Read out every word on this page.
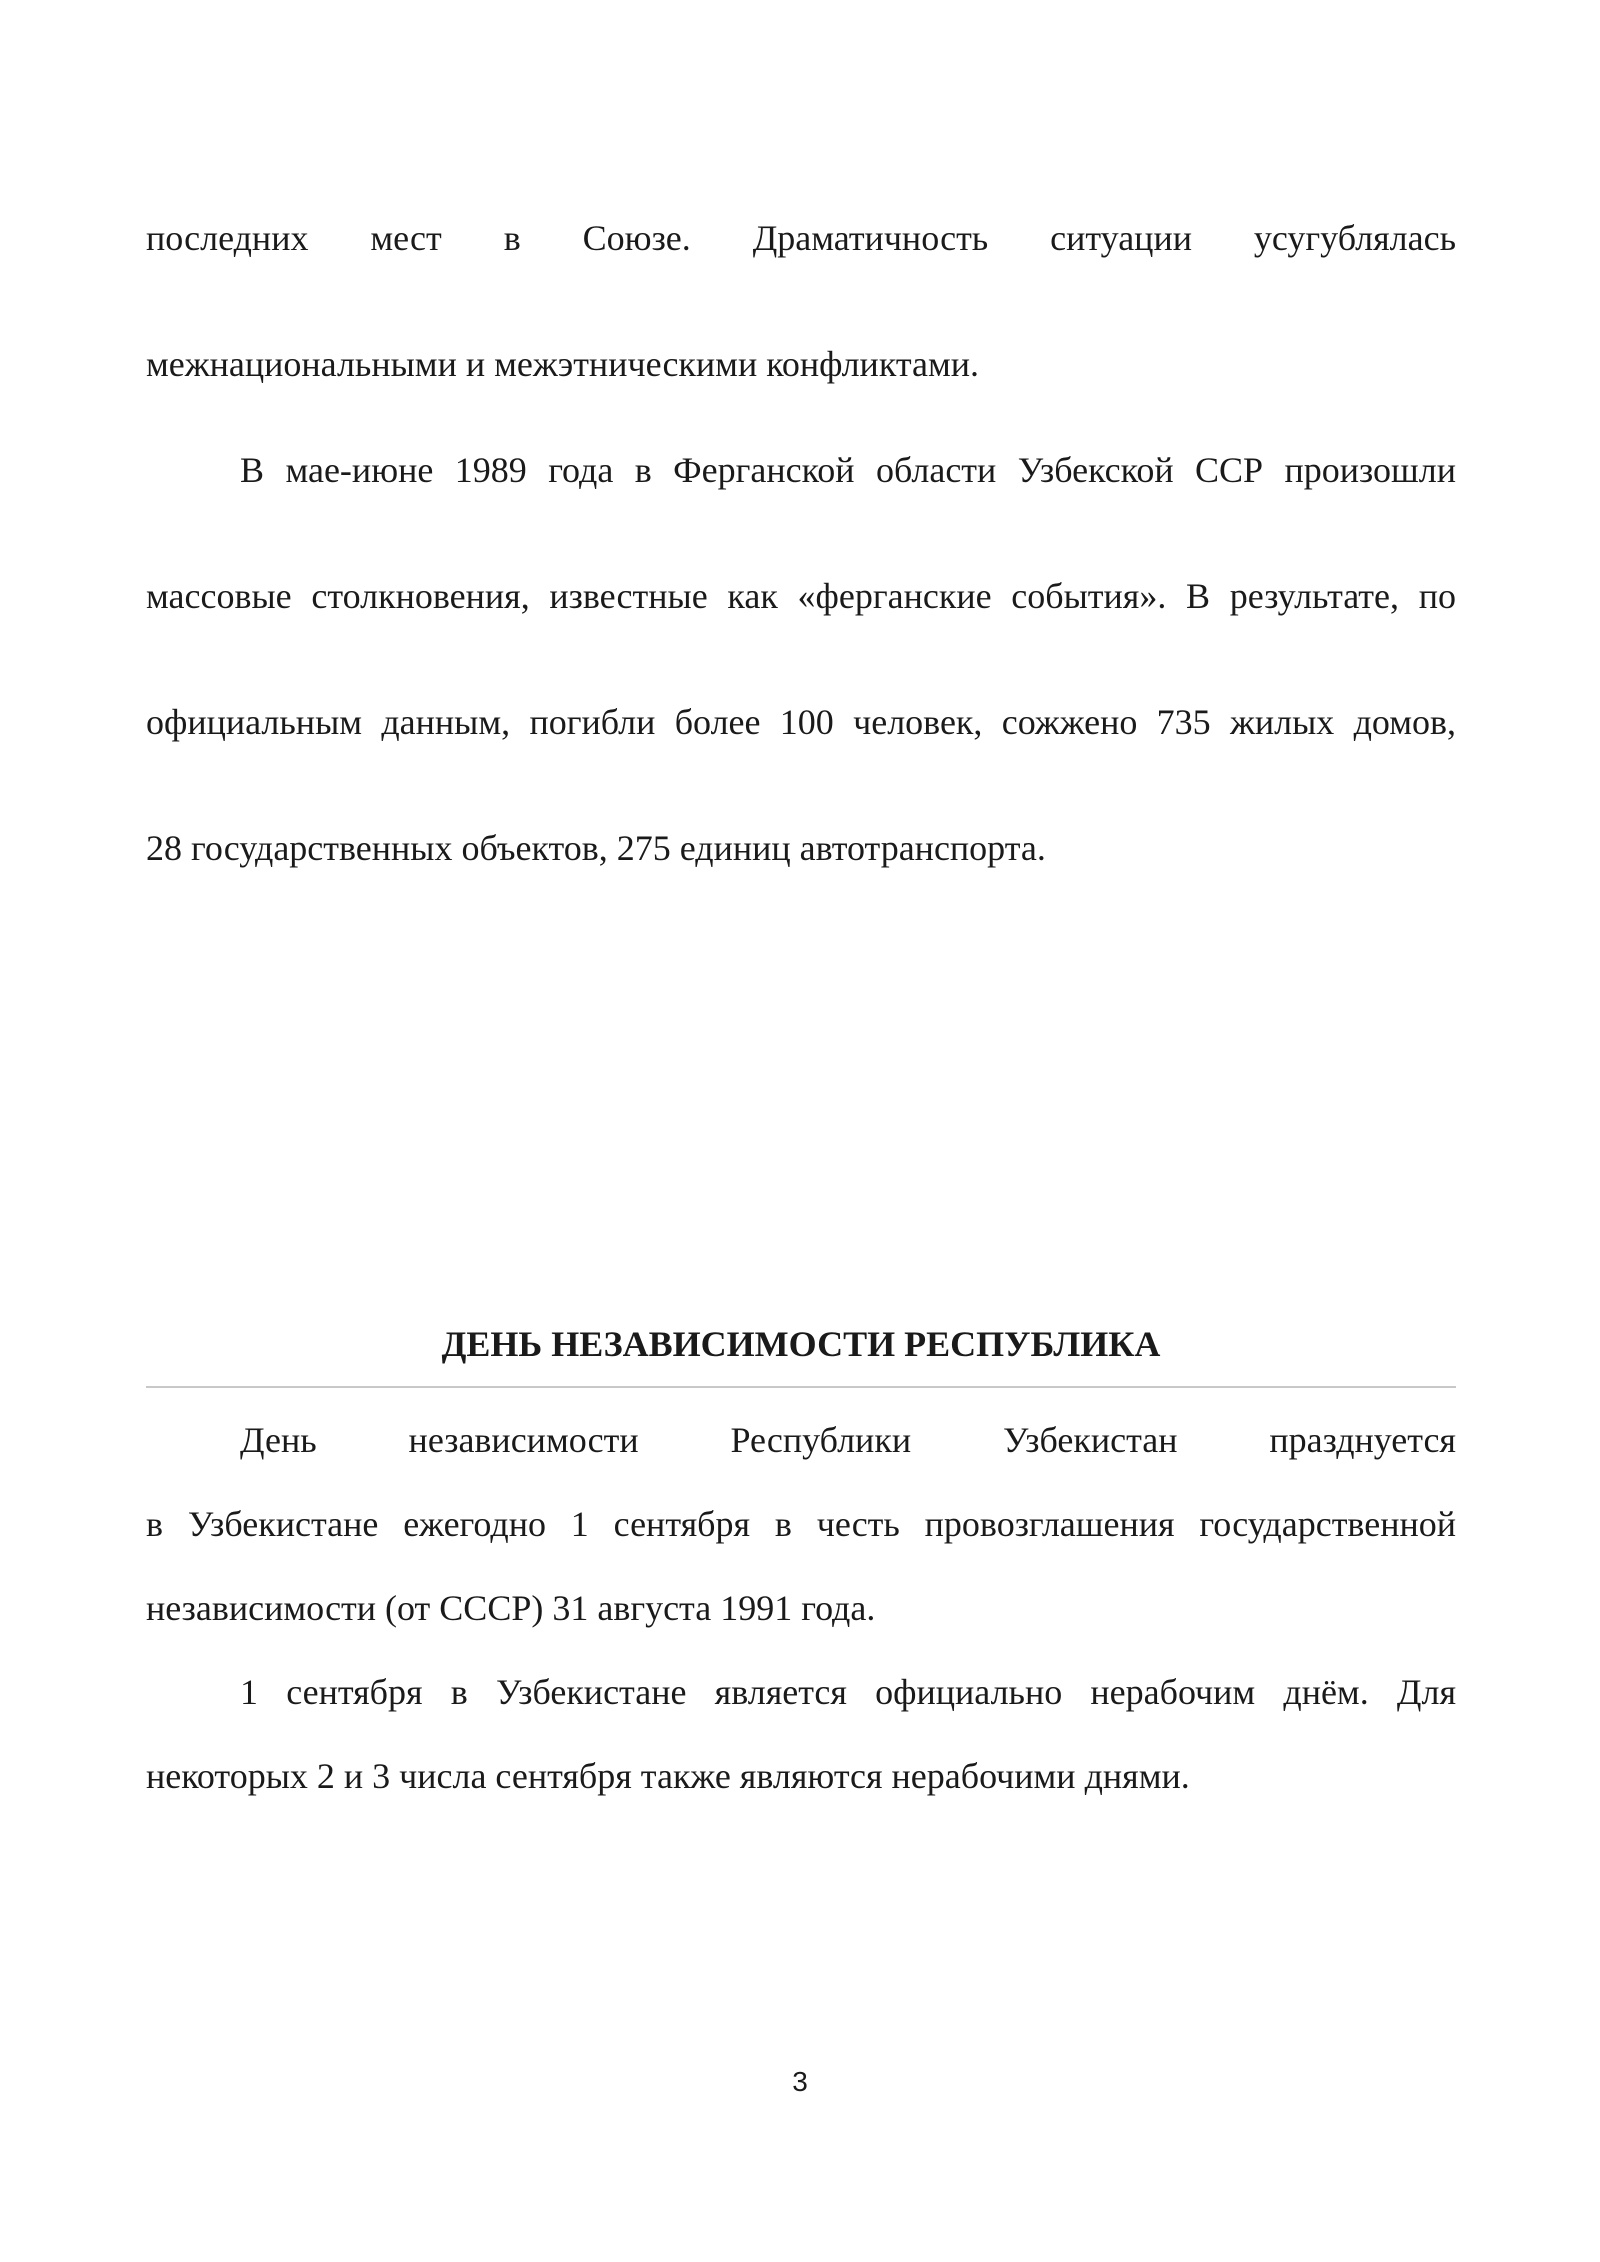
последних мест в Союзе. Драматичность ситуации усугублялась
межнациональными и межэтническими конфликтами.
В мае-июне 1989 года в Ферганской области Узбекской ССР произошли
массовые столкновения, известные как «ферганские события». В результате, по
официальным данным, погибли более 100 человек, сожжено 735 жилых домов,
28 государственных объектов, 275 единиц автотранспорта.
ДЕНЬ НЕЗАВИСИМОСТИ РЕСПУБЛИКА
День независимости Республики Узбекистан празднуется
в Узбекистане ежегодно 1 сентября в честь провозглашения государственной
независимости (от СССР) 31 августа 1991 года.
1 сентября в Узбекистане является официально нерабочим днём. Для
некоторых 2 и 3 числа сентября также являются нерабочими днями.
3
